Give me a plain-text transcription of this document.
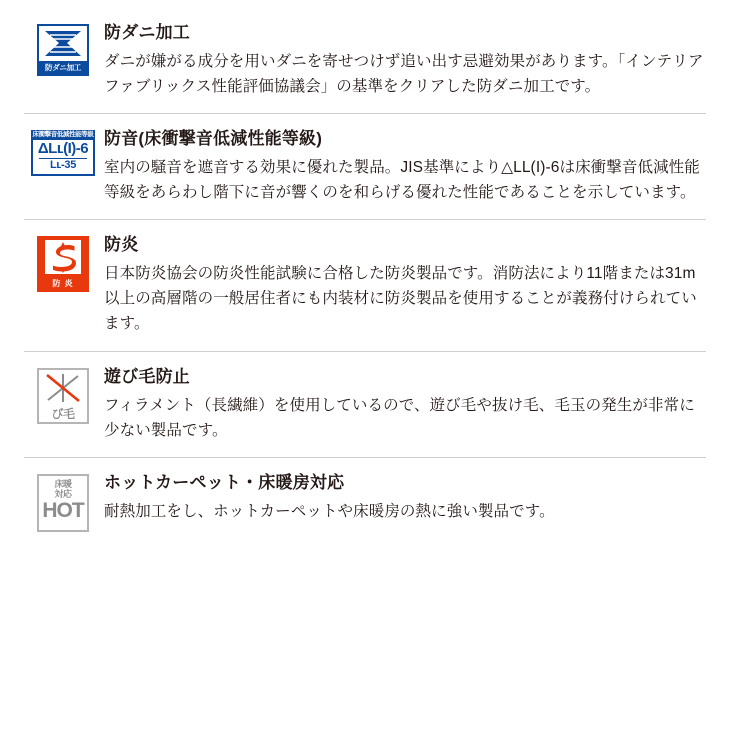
防ダニ加工

防ダニ加工

ダニが嫌がる成分を用いダニを寄せつけず追い出す忌避効果があります。「インテリアファブリックス性能評価協議会」の基準をクリアした防ダニ加工です。

床衝撃音低減性能等級
ΔLʟ(I)-6
Lʟ-35

防音(床衝撃音低減性能等級)

室内の騒音を遮音する効果に優れた製品。JIS基準により△LL(I)-6は床衝撃音低減性能等級をあらわし階下に音が響くのを和らげる優れた性能であることを示しています。

防 炎

防炎

日本防炎協会の防炎性能試験に合格した防炎製品です。消防法により11階または31m以上の高層階の一般居住者にも内装材に防炎製品を使用することが義務付けられています。

び毛

遊び毛防止

フィラメント（長繊維）を使用しているので、遊び毛や抜け毛、毛玉の発生が非常に少ない製品です。

床暖
対応
HOT

ホットカーペット・床暖房対応

耐熱加工をし、ホットカーペットや床暖房の熱に強い製品です。
